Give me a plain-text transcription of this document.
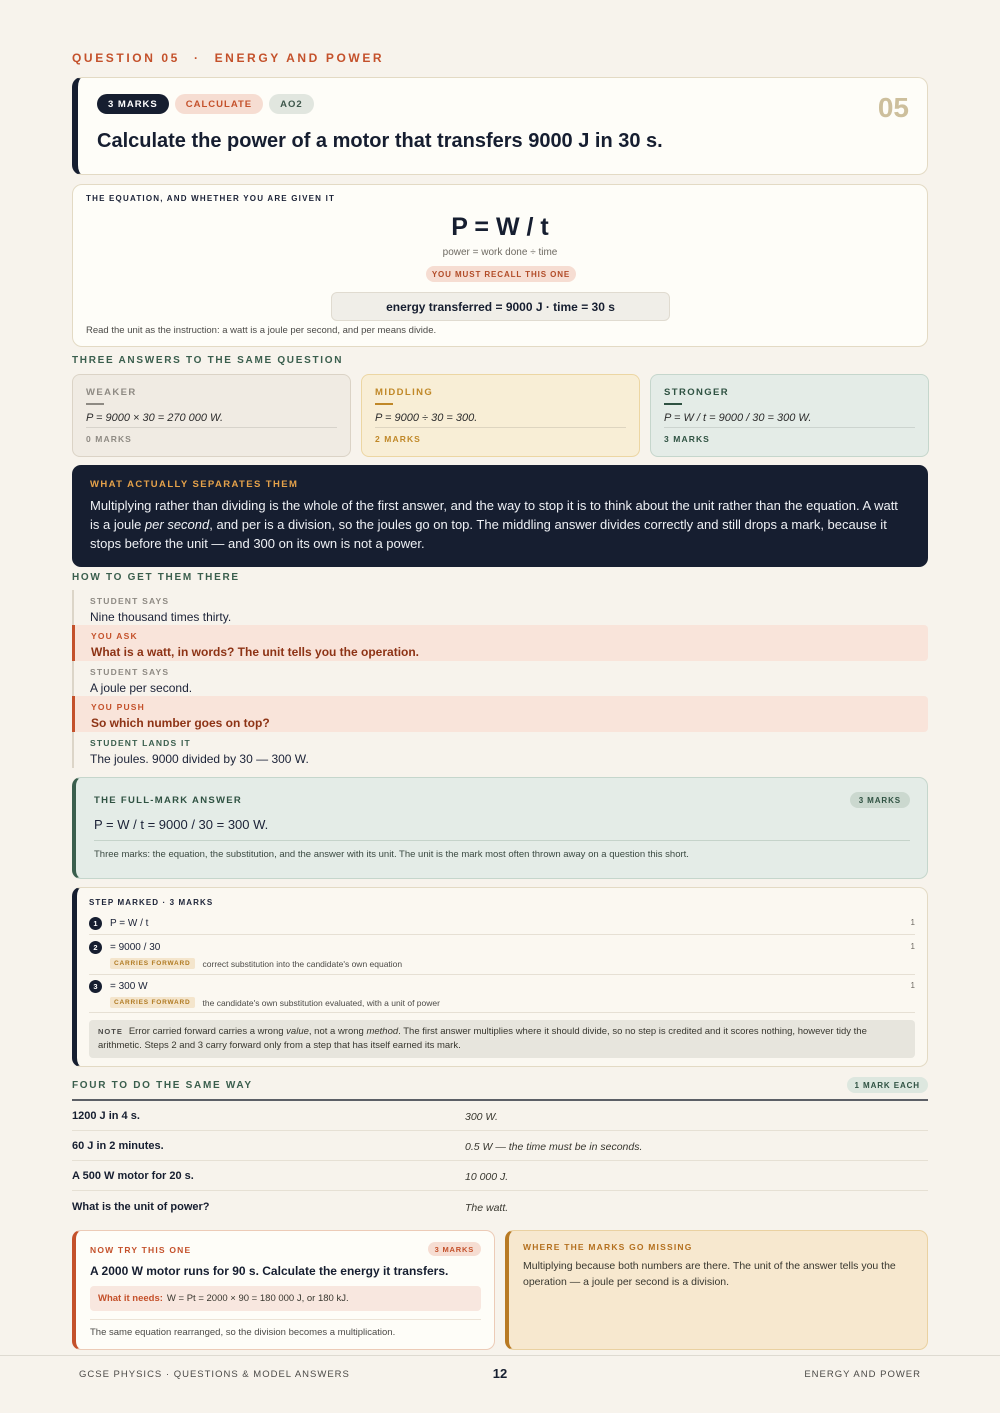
QUESTION 05 · ENERGY AND POWER
3 MARKS	CALCULATE	AO2	05
Calculate the power of a motor that transfers 9000 J in 30 s.
THE EQUATION, AND WHETHER YOU ARE GIVEN IT
P = W / t
power = work done ÷ time
YOU MUST RECALL THIS ONE
energy transferred = 9000 J · time = 30 s
Read the unit as the instruction: a watt is a joule per second, and per means divide.
THREE ANSWERS TO THE SAME QUESTION
WEAKER
P = 9000 × 30 = 270 000 W.
0 MARKS
MIDDLING
P = 9000 ÷ 30 = 300.
2 MARKS
STRONGER
P = W / t = 9000 / 30 = 300 W.
3 MARKS
WHAT ACTUALLY SEPARATES THEM
Multiplying rather than dividing is the whole of the first answer, and the way to stop it is to think about the unit rather than the equation. A watt is a joule per second, and per is a division, so the joules go on top. The middling answer divides correctly and still drops a mark, because it stops before the unit — and 300 on its own is not a power.
HOW TO GET THEM THERE
STUDENT SAYS
Nine thousand times thirty.
YOU ASK
What is a watt, in words? The unit tells you the operation.
STUDENT SAYS
A joule per second.
YOU PUSH
So which number goes on top?
STUDENT LANDS IT
The joules. 9000 divided by 30 — 300 W.
THE FULL-MARK ANSWER	3 MARKS
P = W / t = 9000 / 30 = 300 W.
Three marks: the equation, the substitution, and the answer with its unit. The unit is the mark most often thrown away on a question this short.
STEP MARKED · 3 MARKS
1	P = W / t	1
2	= 9000 / 30	1
CARRIES FORWARD	correct substitution into the candidate's own equation
3	= 300 W	1
CARRIES FORWARD	the candidate's own substitution evaluated, with a unit of power
NOTE Error carried forward carries a wrong value, not a wrong method. The first answer multiplies where it should divide, so no step is credited and it scores nothing, however tidy the arithmetic. Steps 2 and 3 carry forward only from a step that has itself earned its mark.
FOUR TO DO THE SAME WAY	1 MARK EACH
1200 J in 4 s.	300 W.
60 J in 2 minutes.	0.5 W — the time must be in seconds.
A 500 W motor for 20 s.	10 000 J.
What is the unit of power?	The watt.
NOW TRY THIS ONE	3 MARKS
A 2000 W motor runs for 90 s. Calculate the energy it transfers.
What it needs: W = Pt = 2000 × 90 = 180 000 J, or 180 kJ.
The same equation rearranged, so the division becomes a multiplication.
WHERE THE MARKS GO MISSING
Multiplying because both numbers are there. The unit of the answer tells you the operation — a joule per second is a division.
GCSE PHYSICS · QUESTIONS & MODEL ANSWERS	12	ENERGY AND POWER
